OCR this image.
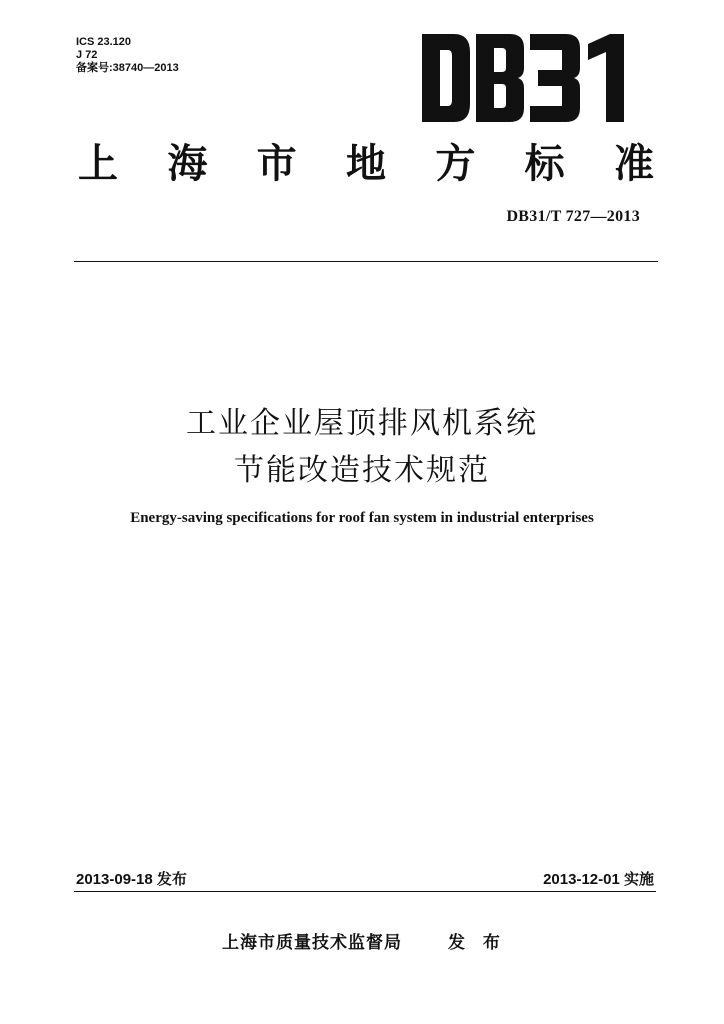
ICS 23.120
J 72
备案号:38740—2013
上 海 市 地 方 标 准
DB31/T 727—2013
工业企业屋顶排风机系统
节能改造技术规范
Energy-saving specifications for roof fan system in industrial enterprises
2013-09-18 发布	2013-12-01 实施
上海市质量技术监督局	发 布
